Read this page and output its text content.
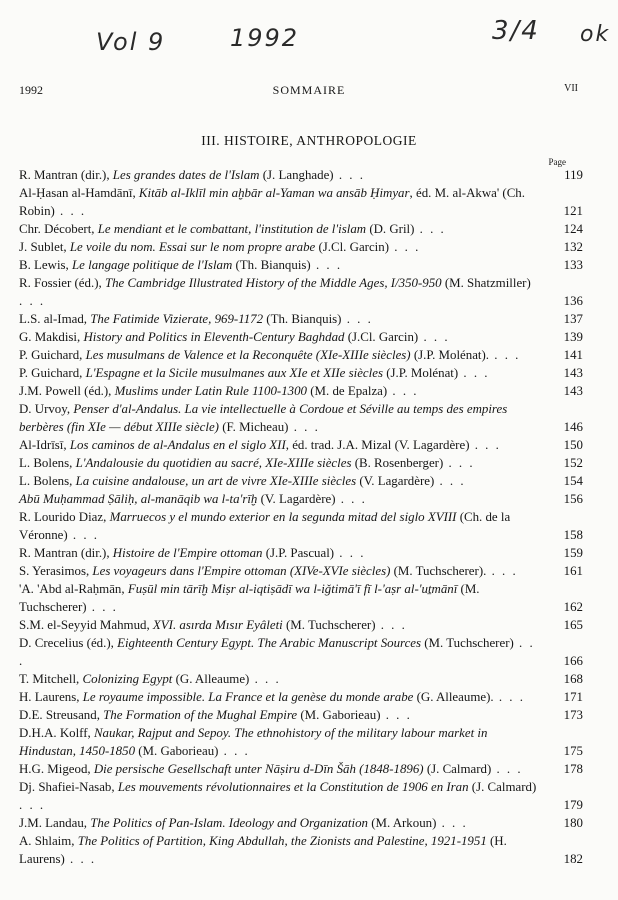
Vol 9	1992	3/4 ok
1992	SOMMAIRE	VII
III. HISTOIRE, ANTHROPOLOGIE
Page
R. Mantran (dir.), Les grandes dates de l'Islam (J. Langhade) . . .	119
Al-Ḥasan al-Hamdānī, Kitāb al-Iklīl min aḫbār al-Yaman wa ansāb Ḥimyar, éd. M. al-Akwa' (Ch. Robin) . . .	121
Chr. Décobert, Le mendiant et le combattant, l'institution de l'islam (D. Gril) . . .	124
J. Sublet, Le voile du nom. Essai sur le nom propre arabe (J.Cl. Garcin) . . .	132
B. Lewis, Le langage politique de l'Islam (Th. Bianquis) . . .	133
R. Fossier (éd.), The Cambridge Illustrated History of the Middle Ages, I/350-950 (M. Shatzmiller) . . .	136
L.S. al-Imad, The Fatimide Vizierate, 969-1172 (Th. Bianquis) . . .	137
G. Makdisi, History and Politics in Eleventh-Century Baghdad (J.Cl. Garcin) . . .	139
P. Guichard, Les musulmans de Valence et la Reconquête (XIe-XIIIe siècles) (J.P. Molénat). . . .	141
P. Guichard, L'Espagne et la Sicile musulmanes aux XIe et XIIe siècles (J.P. Molénat) . . .	143
J.M. Powell (éd.), Muslims under Latin Rule 1100-1300 (M. de Epalza) . . .	143
D. Urvoy, Penser d'al-Andalus. La vie intellectuelle à Cordoue et Séville au temps des empires berbères (fin XIe — début XIIIe siècle) (F. Micheau) . . .	146
Al-Idrīsī, Los caminos de al-Andalus en el siglo XII, éd. trad. J.A. Mizal (V. Lagardère) . . .	150
L. Bolens, L'Andalousie du quotidien au sacré, XIe-XIIIe siècles (B. Rosenberger) . . .	152
L. Bolens, La cuisine andalouse, un art de vivre XIe-XIIIe siècles (V. Lagardère) . . .	154
Abū Muḥammad Ṣāliḥ, al-manāqib wa l-ta'rīḫ (V. Lagardère) . . .	156
R. Lourido Diaz, Marruecos y el mundo exterior en la segunda mitad del siglo XVIII (Ch. de la Véronne) . . .	158
R. Mantran (dir.), Histoire de l'Empire ottoman (J.P. Pascual) . . .	159
S. Yerasimos, Les voyageurs dans l'Empire ottoman (XIVe-XVIe siècles) (M. Tuchscherer). . . .	161
'A. 'Abd al-Raḥmān, Fuṣūl min tārīḫ Miṣr al-iqtiṣādī wa l-iǧtimā'ī fī l-'aṣr al-'uṯmānī (M. Tuchscherer) . . .	162
S.M. el-Seyyid Mahmud, XVI. asırda Mısır Eyâleti (M. Tuchscherer) . . .	165
D. Crecelius (éd.), Eighteenth Century Egypt. The Arabic Manuscript Sources (M. Tuchscherer) . . .	166
T. Mitchell, Colonizing Egypt (G. Alleaume) . . .	168
H. Laurens, Le royaume impossible. La France et la genèse du monde arabe (G. Alleaume). . . .	171
D.E. Streusand, The Formation of the Mughal Empire (M. Gaborieau) . . .	173
D.H.A. Kolff, Naukar, Rajput and Sepoy. The ethnohistory of the military labour market in Hindustan, 1450-1850 (M. Gaborieau) . . .	175
H.G. Migeod, Die persische Gesellschaft unter Nāṣiru d-Dīn Šāh (1848-1896) (J. Calmard) . . .	178
Dj. Shafiei-Nasab, Les mouvements révolutionnaires et la Constitution de 1906 en Iran (J. Calmard) . . .	179
J.M. Landau, The Politics of Pan-Islam. Ideology and Organization (M. Arkoun) . . .	180
A. Shlaim, The Politics of Partition, King Abdullah, the Zionists and Palestine, 1921-1951 (H. Laurens) . . .	182
